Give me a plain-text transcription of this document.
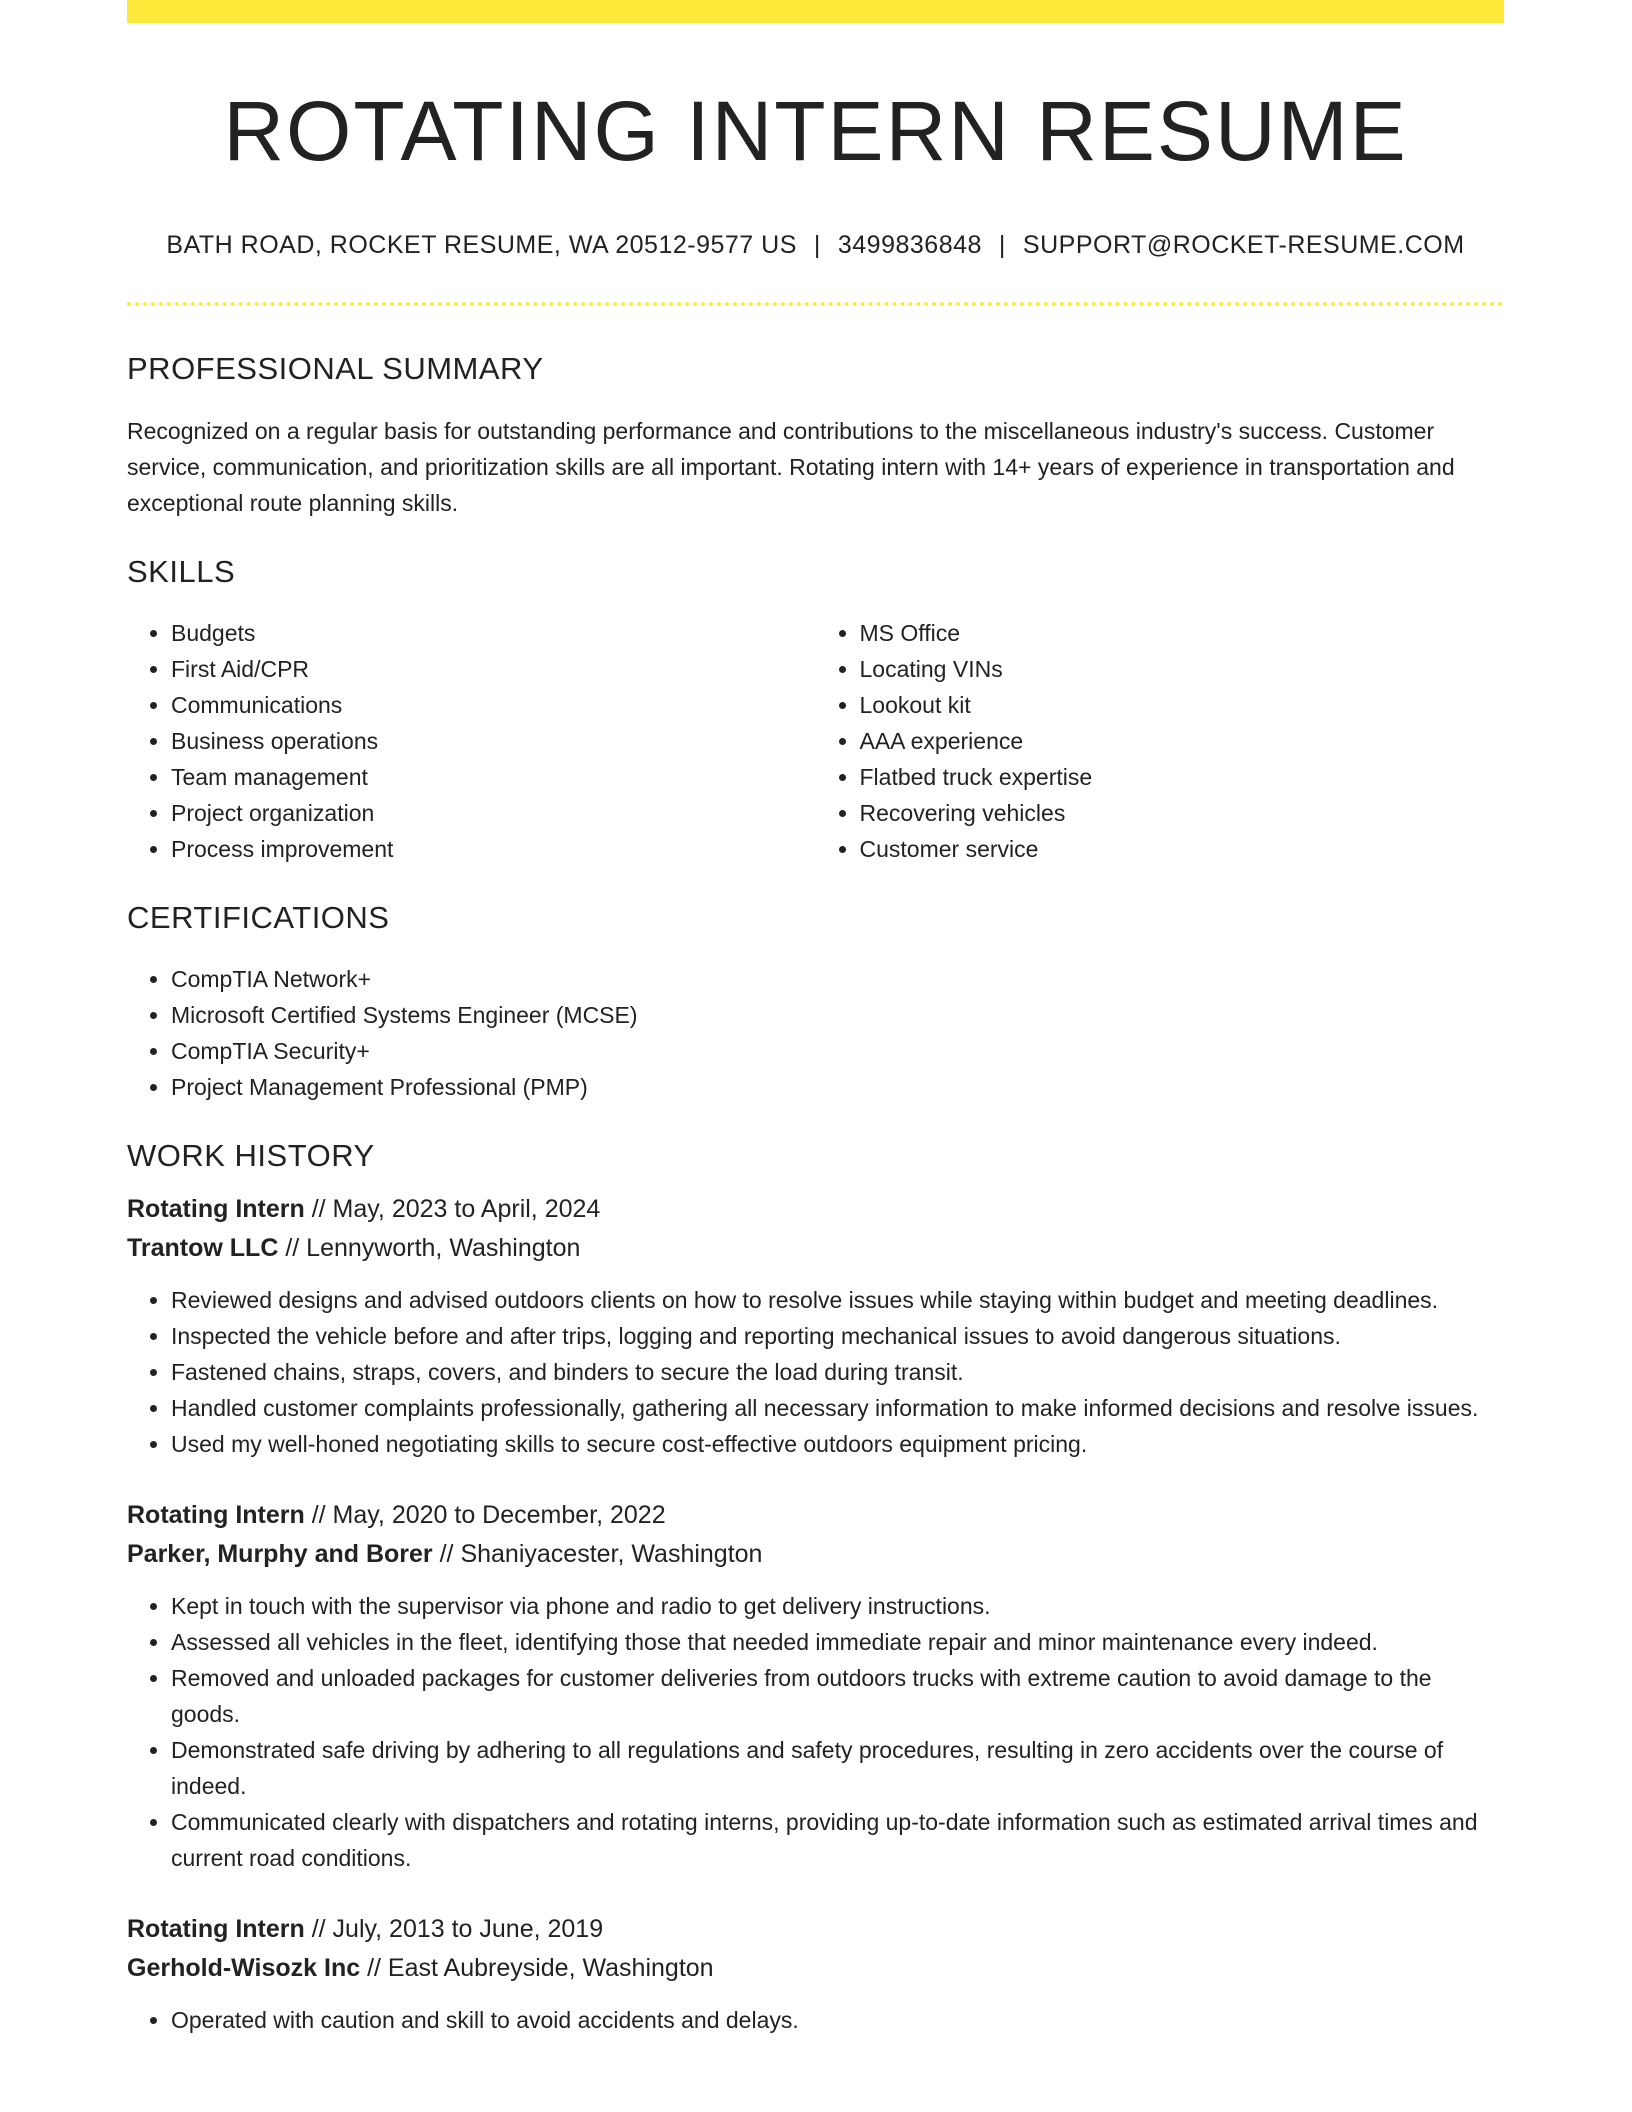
ROTATING INTERN RESUME
BATH ROAD, ROCKET RESUME, WA 20512-9577 US | 3499836848 | SUPPORT@ROCKET-RESUME.COM
PROFESSIONAL SUMMARY

Recognized on a regular basis for outstanding performance and contributions to the miscellaneous industry's success. Customer service, communication, and prioritization skills are all important. Rotating intern with 14+ years of experience in transportation and exceptional route planning skills.

SKILLS
• Budgets
• First Aid/CPR
• Communications
• Business operations
• Team management
• Project organization
• Process improvement
• MS Office
• Locating VINs
• Lookout kit
• AAA experience
• Flatbed truck expertise
• Recovering vehicles
• Customer service
CERTIFICATIONS
• CompTIA Network+
• Microsoft Certified Systems Engineer (MCSE)
• CompTIA Security+
• Project Management Professional (PMP)
WORK HISTORY
Rotating Intern // May, 2023 to April, 2024
Trantow LLC // Lennyworth, Washington
• Reviewed designs and advised outdoors clients on how to resolve issues while staying within budget and meeting deadlines.
• Inspected the vehicle before and after trips, logging and reporting mechanical issues to avoid dangerous situations.
• Fastened chains, straps, covers, and binders to secure the load during transit.
• Handled customer complaints professionally, gathering all necessary information to make informed decisions and resolve issues.
• Used my well-honed negotiating skills to secure cost-effective outdoors equipment pricing.
Rotating Intern // May, 2020 to December, 2022
Parker, Murphy and Borer // Shaniyacester, Washington
• Kept in touch with the supervisor via phone and radio to get delivery instructions.
• Assessed all vehicles in the fleet, identifying those that needed immediate repair and minor maintenance every indeed.
• Removed and unloaded packages for customer deliveries from outdoors trucks with extreme caution to avoid damage to the goods.
• Demonstrated safe driving by adhering to all regulations and safety procedures, resulting in zero accidents over the course of indeed.
• Communicated clearly with dispatchers and rotating interns, providing up-to-date information such as estimated arrival times and current road conditions.
Rotating Intern // July, 2013 to June, 2019
Gerhold-Wisozk Inc // East Aubreyside, Washington
• Operated with caution and skill to avoid accidents and delays.
